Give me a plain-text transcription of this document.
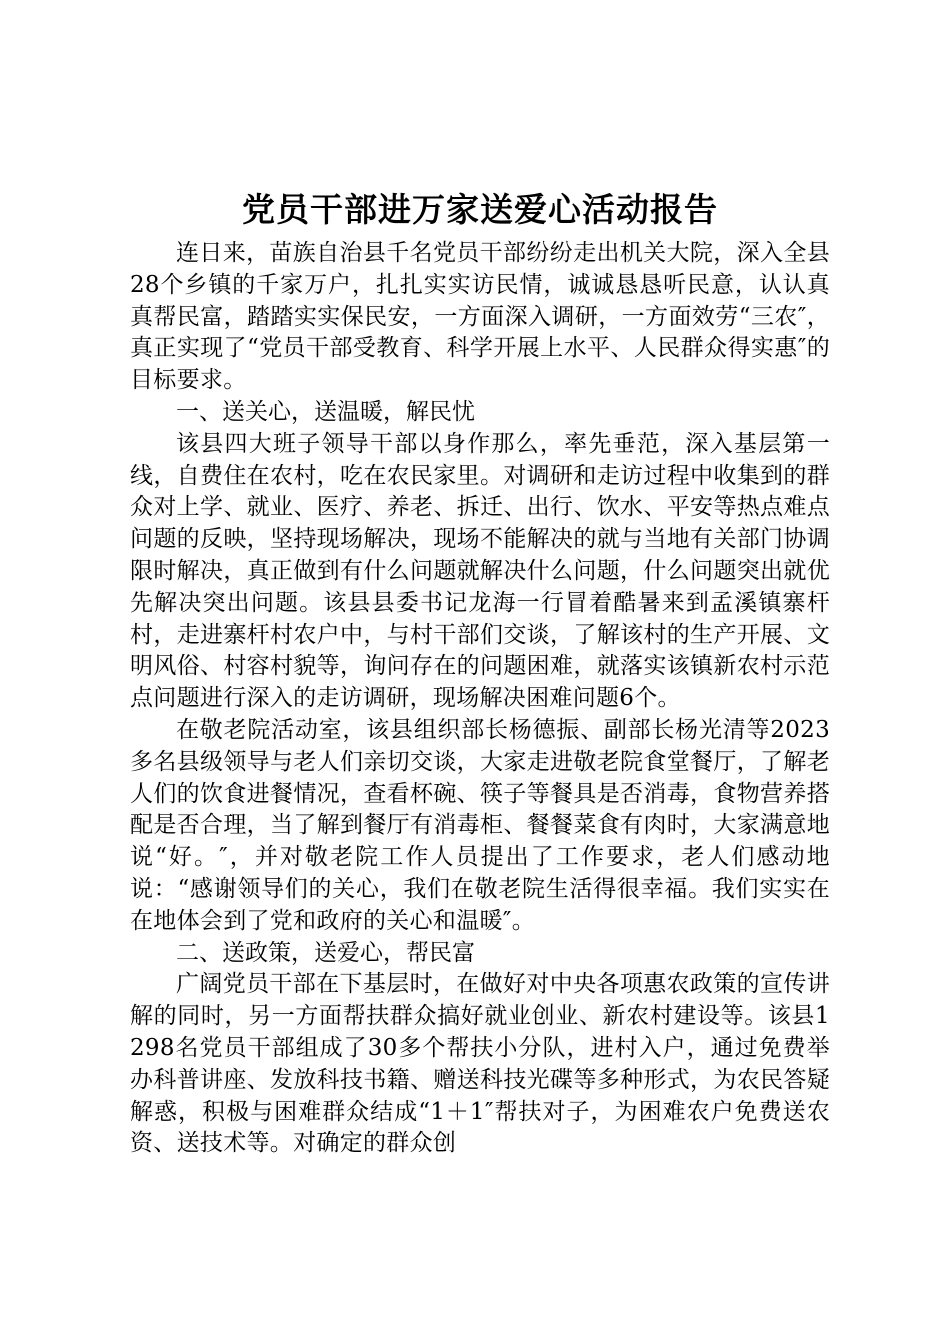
党员干部进万家送爱心活动报告

连日来，苗族自治县千名党员干部纷纷走出机关大院，深入全县28个乡镇的千家万户，扎扎实实访民情，诚诚恳恳听民意，认认真真帮民富，踏踏实实保民安，一方面深入调研，一方面效劳“三农″，真正实现了“党员干部受教育、科学开展上水平、人民群众得实惠″的目标要求。

一、送关心，送温暖，解民忧

该县四大班子领导干部以身作那么，率先垂范，深入基层第一线，自费住在农村，吃在农民家里。对调研和走访过程中收集到的群众对上学、就业、医疗、养老、拆迁、出行、饮水、平安等热点难点问题的反映，坚持现场解决，现场不能解决的就与当地有关部门协调限时解决，真正做到有什么问题就解决什么问题，什么问题突出就优先解决突出问题。该县县委书记龙海一行冒着酷暑来到孟溪镇寨杆村，走进寨杆村农户中，与村干部们交谈，了解该村的生产开展、文明风俗、村容村貌等，询问存在的问题困难，就落实该镇新农村示范点问题进行深入的走访调研，现场解决困难问题6个。

在敬老院活动室，该县组织部长杨德振、副部长杨光清等2023多名县级领导与老人们亲切交谈，大家走进敬老院食堂餐厅，了解老人们的饮食进餐情况，查看杯碗、筷子等餐具是否消毒，食物营养搭配是否合理，当了解到餐厅有消毒柜、餐餐菜食有肉时，大家满意地说“好。″，并对敬老院工作人员提出了工作要求，老人们感动地说：“感谢领导们的关心，我们在敬老院生活得很幸福。我们实实在在地体会到了党和政府的关心和温暖″。

二、送政策，送爱心，帮民富

广阔党员干部在下基层时，在做好对中央各项惠农政策的宣传讲解的同时，另一方面帮扶群众搞好就业创业、新农村建设等。该县1298名党员干部组成了30多个帮扶小分队，进村入户，通过免费举办科普讲座、发放科技书籍、赠送科技光碟等多种形式，为农民答疑解惑，积极与困难群众结成“1＋1″帮扶对子，为困难农户免费送农资、送技术等。对确定的群众创
